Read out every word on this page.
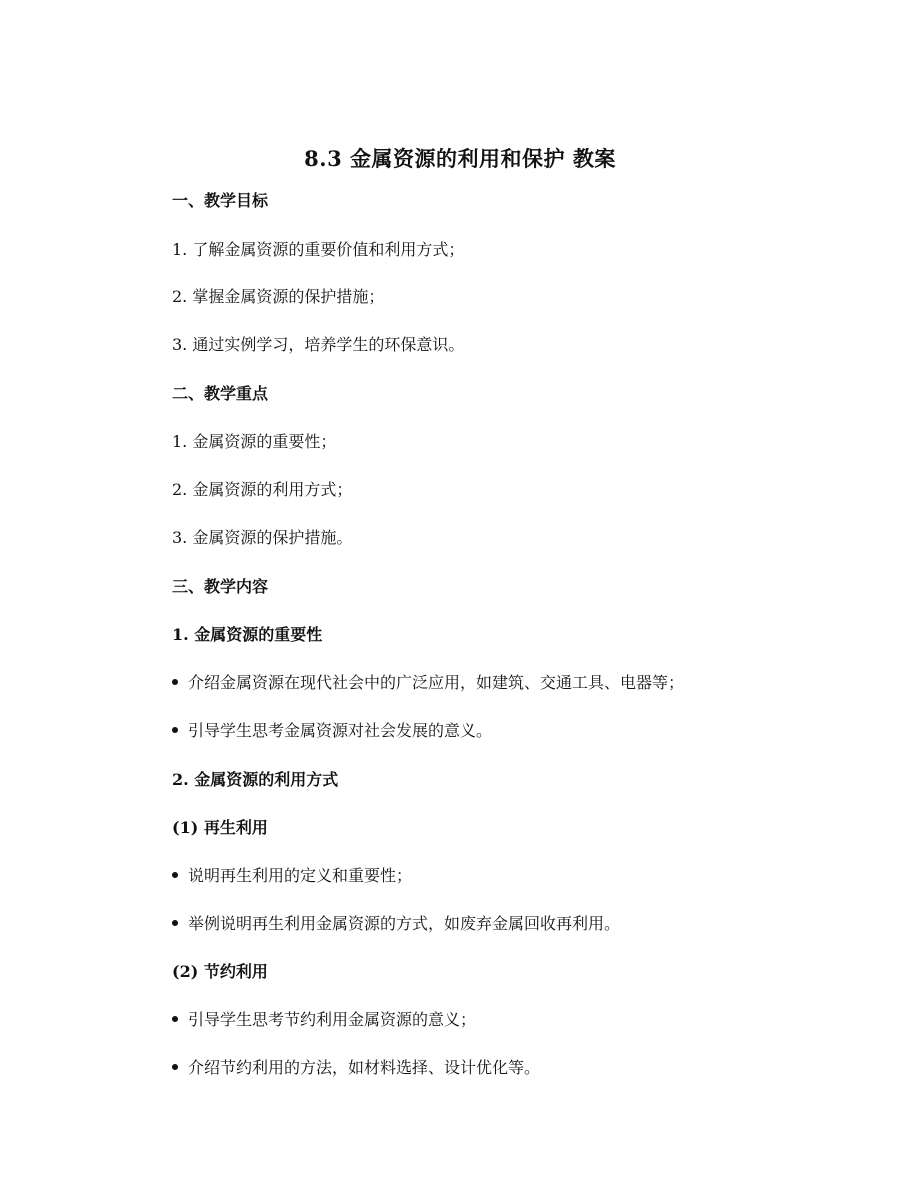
8.3 金属资源的利用和保护 教案
一、教学目标
1. 了解金属资源的重要价值和利用方式；
2. 掌握金属资源的保护措施；
3. 通过实例学习，培养学生的环保意识。
二、教学重点
1. 金属资源的重要性；
2. 金属资源的利用方式；
3. 金属资源的保护措施。
三、教学内容
1. 金属资源的重要性
介绍金属资源在现代社会中的广泛应用，如建筑、交通工具、电器等；
引导学生思考金属资源对社会发展的意义。
2. 金属资源的利用方式
(1) 再生利用
说明再生利用的定义和重要性；
举例说明再生利用金属资源的方式，如废弃金属回收再利用。
(2) 节约利用
引导学生思考节约利用金属资源的意义；
介绍节约利用的方法，如材料选择、设计优化等。
